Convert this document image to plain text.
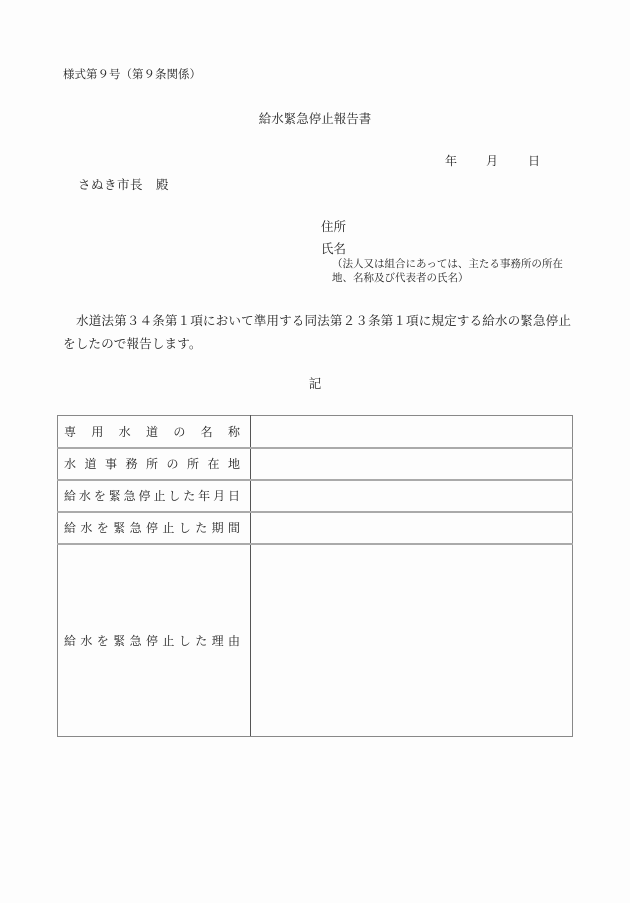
様式第９号（第９条関係）
給水緊急停止報告書
年 月 日
さぬき市長　殿
住所
氏名
（法人又は組合にあっては、主たる事務所の所在地、名称及び代表者の氏名）
水道法第３４条第１項において準用する同法第２３条第１項に規定する給水の緊急停止をしたので報告します。
記
専用水道の名称	

水道事務所の所在地	

給水を緊急停止した年月日	

給水を緊急停止した期間	

給水を緊急停止した理由	
